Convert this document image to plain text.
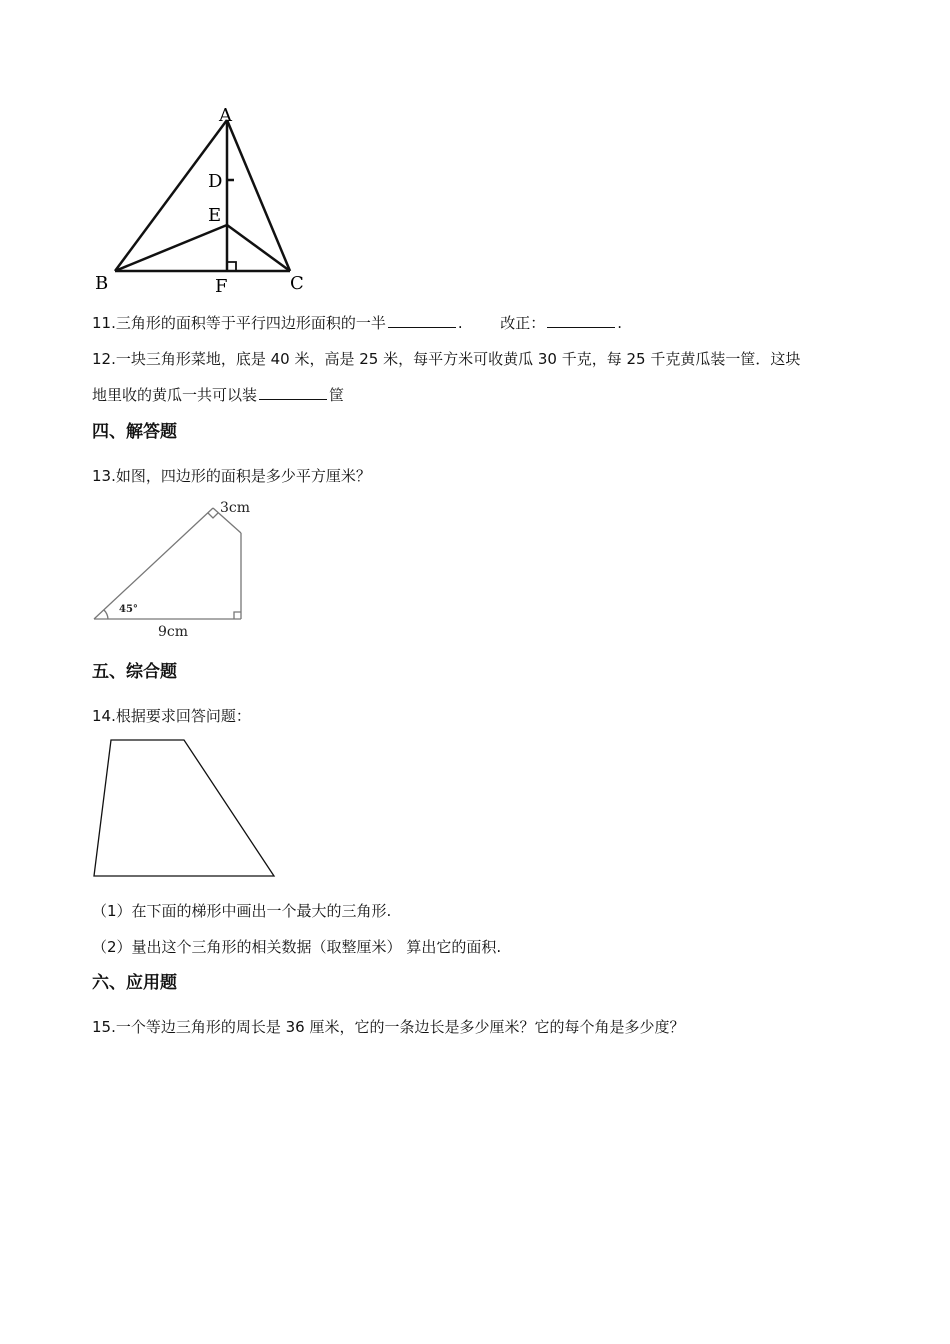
A
D
E
B	F	C
11.三角形的面积等于平行四边形面积的一半	.	改正：	.
12.一块三角形菜地，底是 40 米，高是 25 米，每平方米可收黄瓜 30 千克，每 25 千克黄瓜装一筐．这块
地里收的黄瓜一共可以装	筐
四、解答题
13.如图，四边形的面积是多少平方厘米？
3cm
45°
9cm
五、综合题
14.根据要求回答问题：
（1）在下面的梯形中画出一个最大的三角形.
（2）量出这个三角形的相关数据（取整厘米） 算出它的面积.
六、应用题
15.一个等边三角形的周长是 36 厘米，它的一条边长是多少厘米？它的每个角是多少度？
